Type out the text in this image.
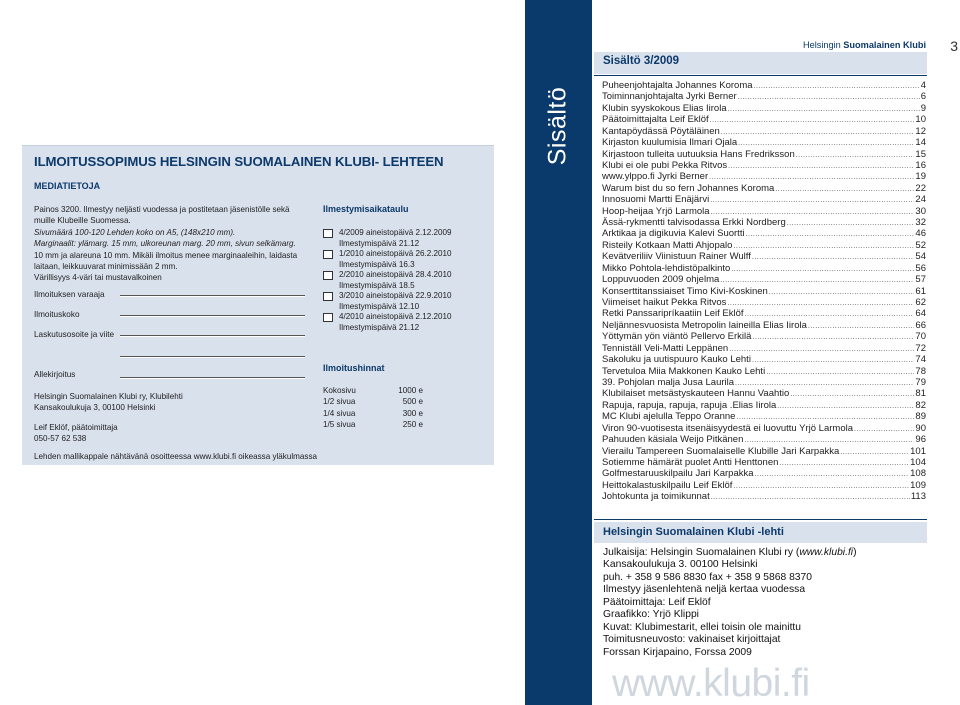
ILMOITUSSOPIMUS HELSINGIN SUOMALAINEN KLUBI- LEHTEEN
MEDIATIETOJA
Painos 3200. Ilmestyy neljästi vuodessa ja postitetaan jäsenistölle sekä
muille Klubeille Suomessa.
Sivumäärä 100-120 Lehden koko on A5, (148x210 mm).
Marginaalit: ylämarg. 15 mm, ulkoreunan marg. 20 mm, sivun selkämarg.
10 mm ja alareuna 10 mm. Mikäli ilmoitus menee marginaaleihin, laidasta
laitaan, leikkuuvarat minimissään 2 mm.
Värillisyys 4-väri tai mustavalkoinen
Ilmoituksen varaaja
Ilmoituskoko
Laskutusosoite ja viite
Allekirjoitus
Helsingin Suomalainen Klubi ry, Klubilehti
Kansakoulukuja 3, 00100 Helsinki
Leif Eklöf, päätoimittaja
050-57 62 538
Lehden mallikappale nähtävänä osoitteessa www.klubi.fi oikeassa yläkulmassa
Ilmestymisaikataulu
4/2009 aineistopäivä 2.12.2009
Ilmestymispäivä 21.12
1/2010 aineistopäivä 26.2.2010
Ilmestymispäivä 16.3
2/2010 aineistopäivä 28.4.2010
Ilmestymispäivä 18.5
3/2010 aineistopäivä 22.9.2010
Ilmestymispäivä 12.10
4/2010 aineistopäivä 2.12.2010
Ilmestymispäivä 21.12
Ilmoitushinnat
Kokosivu	1000 e
1/2 sivua	500 e
1/4 sivua	300 e
1/5 sivua	250 e
Sisältö
Helsingin Suomalainen Klubi 3
Sisältö 3/2009
Puheenjohtajalta Johannes Koroma .....	4
Toiminnanjohtajalta Jyrki Berner .....	6
Klubin syyskokous Elias Iirola .....	9
Päätoimittajalta Leif Eklöf .....	10
Kantapöydässä Pöytäläinen .....	12
Kirjaston kuulumisia Ilmari Ojala .....	14
Kirjastoon tulleita uutuuksia Hans Fredriksson .....	15
Klubi ei ole pubi Pekka Ritvos .....	16
www.ylppo.fi Jyrki Berner .....	19
Warum bist du so fern Johannes Koroma .....	22
Innosuomi Martti Enäjärvi .....	24
Hoop-heijaa Yrjö Larmola .....	30
Ässä-rykmentti talvisodassa Erkki Nordberg .....	32
Arktikaa ja digikuvia Kalevi Suortti .....	46
Risteily Kotkaan Matti Ahjopalo .....	52
Kevätveriliiv Viinistuun Rainer Wulff .....	54
Mikko Pohtola-lehdistöpalkinto .....	56
Loppuvuoden 2009 ohjelma .....	57
Konserttitanssiaiset Timo Kivi-Koskinen .....	61
Viimeiset haikut Pekka Ritvos .....	62
Retki Panssaripríkaatiin Leif Eklöf .....	64
Neljännesvuosista Metropolin laineilla Elias Iirola .....	66
Yöttymän yön viäntö Pellervo Erkilä .....	70
Tenniställ Veli-Matti Leppänen .....	72
Sakoluku ja uutispuuro Kauko Lehti .....	74
Tervetuloa Miia Makkonen Kauko Lehti .....	78
39. Pohjolan malja Jusa Laurila .....	79
Klubilaiset metsästyskauteen Hannu Vaahtio .....	81
Rapuja, rapuja, rapuja, rapuja .Elias Iirola .....	82
MC Klubi ajelulla Teppo Oranne .....	89
Viron 90-vuotisesta itsenäisyydestä ei luovuttu Yrjö Larmola .....	90
Pahuuden käsiala Weijo Pitkänen .....	96
Vierailu Tampereen Suomalaiselle Klubille Jari Karpakka .....	101
Sotiemme hämärät puolet Antti Henttonen .....	104
Golfmestaruuskilpailu Jari Karpakka .....	108
Heittokalastuskilpailu Leif Eklöf .....	109
Johtokunta ja toimikunnat .....	113
Helsingin Suomalainen Klubi -lehti
Julkaisija: Helsingin Suomalainen Klubi ry (www.klubi.fi)
Kansakoulukuja 3. 00100 Helsinki
puh. + 358 9 586 8830 fax + 358 9 5868 8370
Ilmestyy jäsenlehtenä neljä kertaa vuodessa
Päätoimittaja: Leif Eklöf
Graafikko: Yrjö Klippi
Kuvat: Klubimestarit, ellei toisin ole mainittu
Toimitusneuvosto: vakinaiset kirjoittajat
Forssan Kirjapaino, Forssa 2009
www.klubi.fi
